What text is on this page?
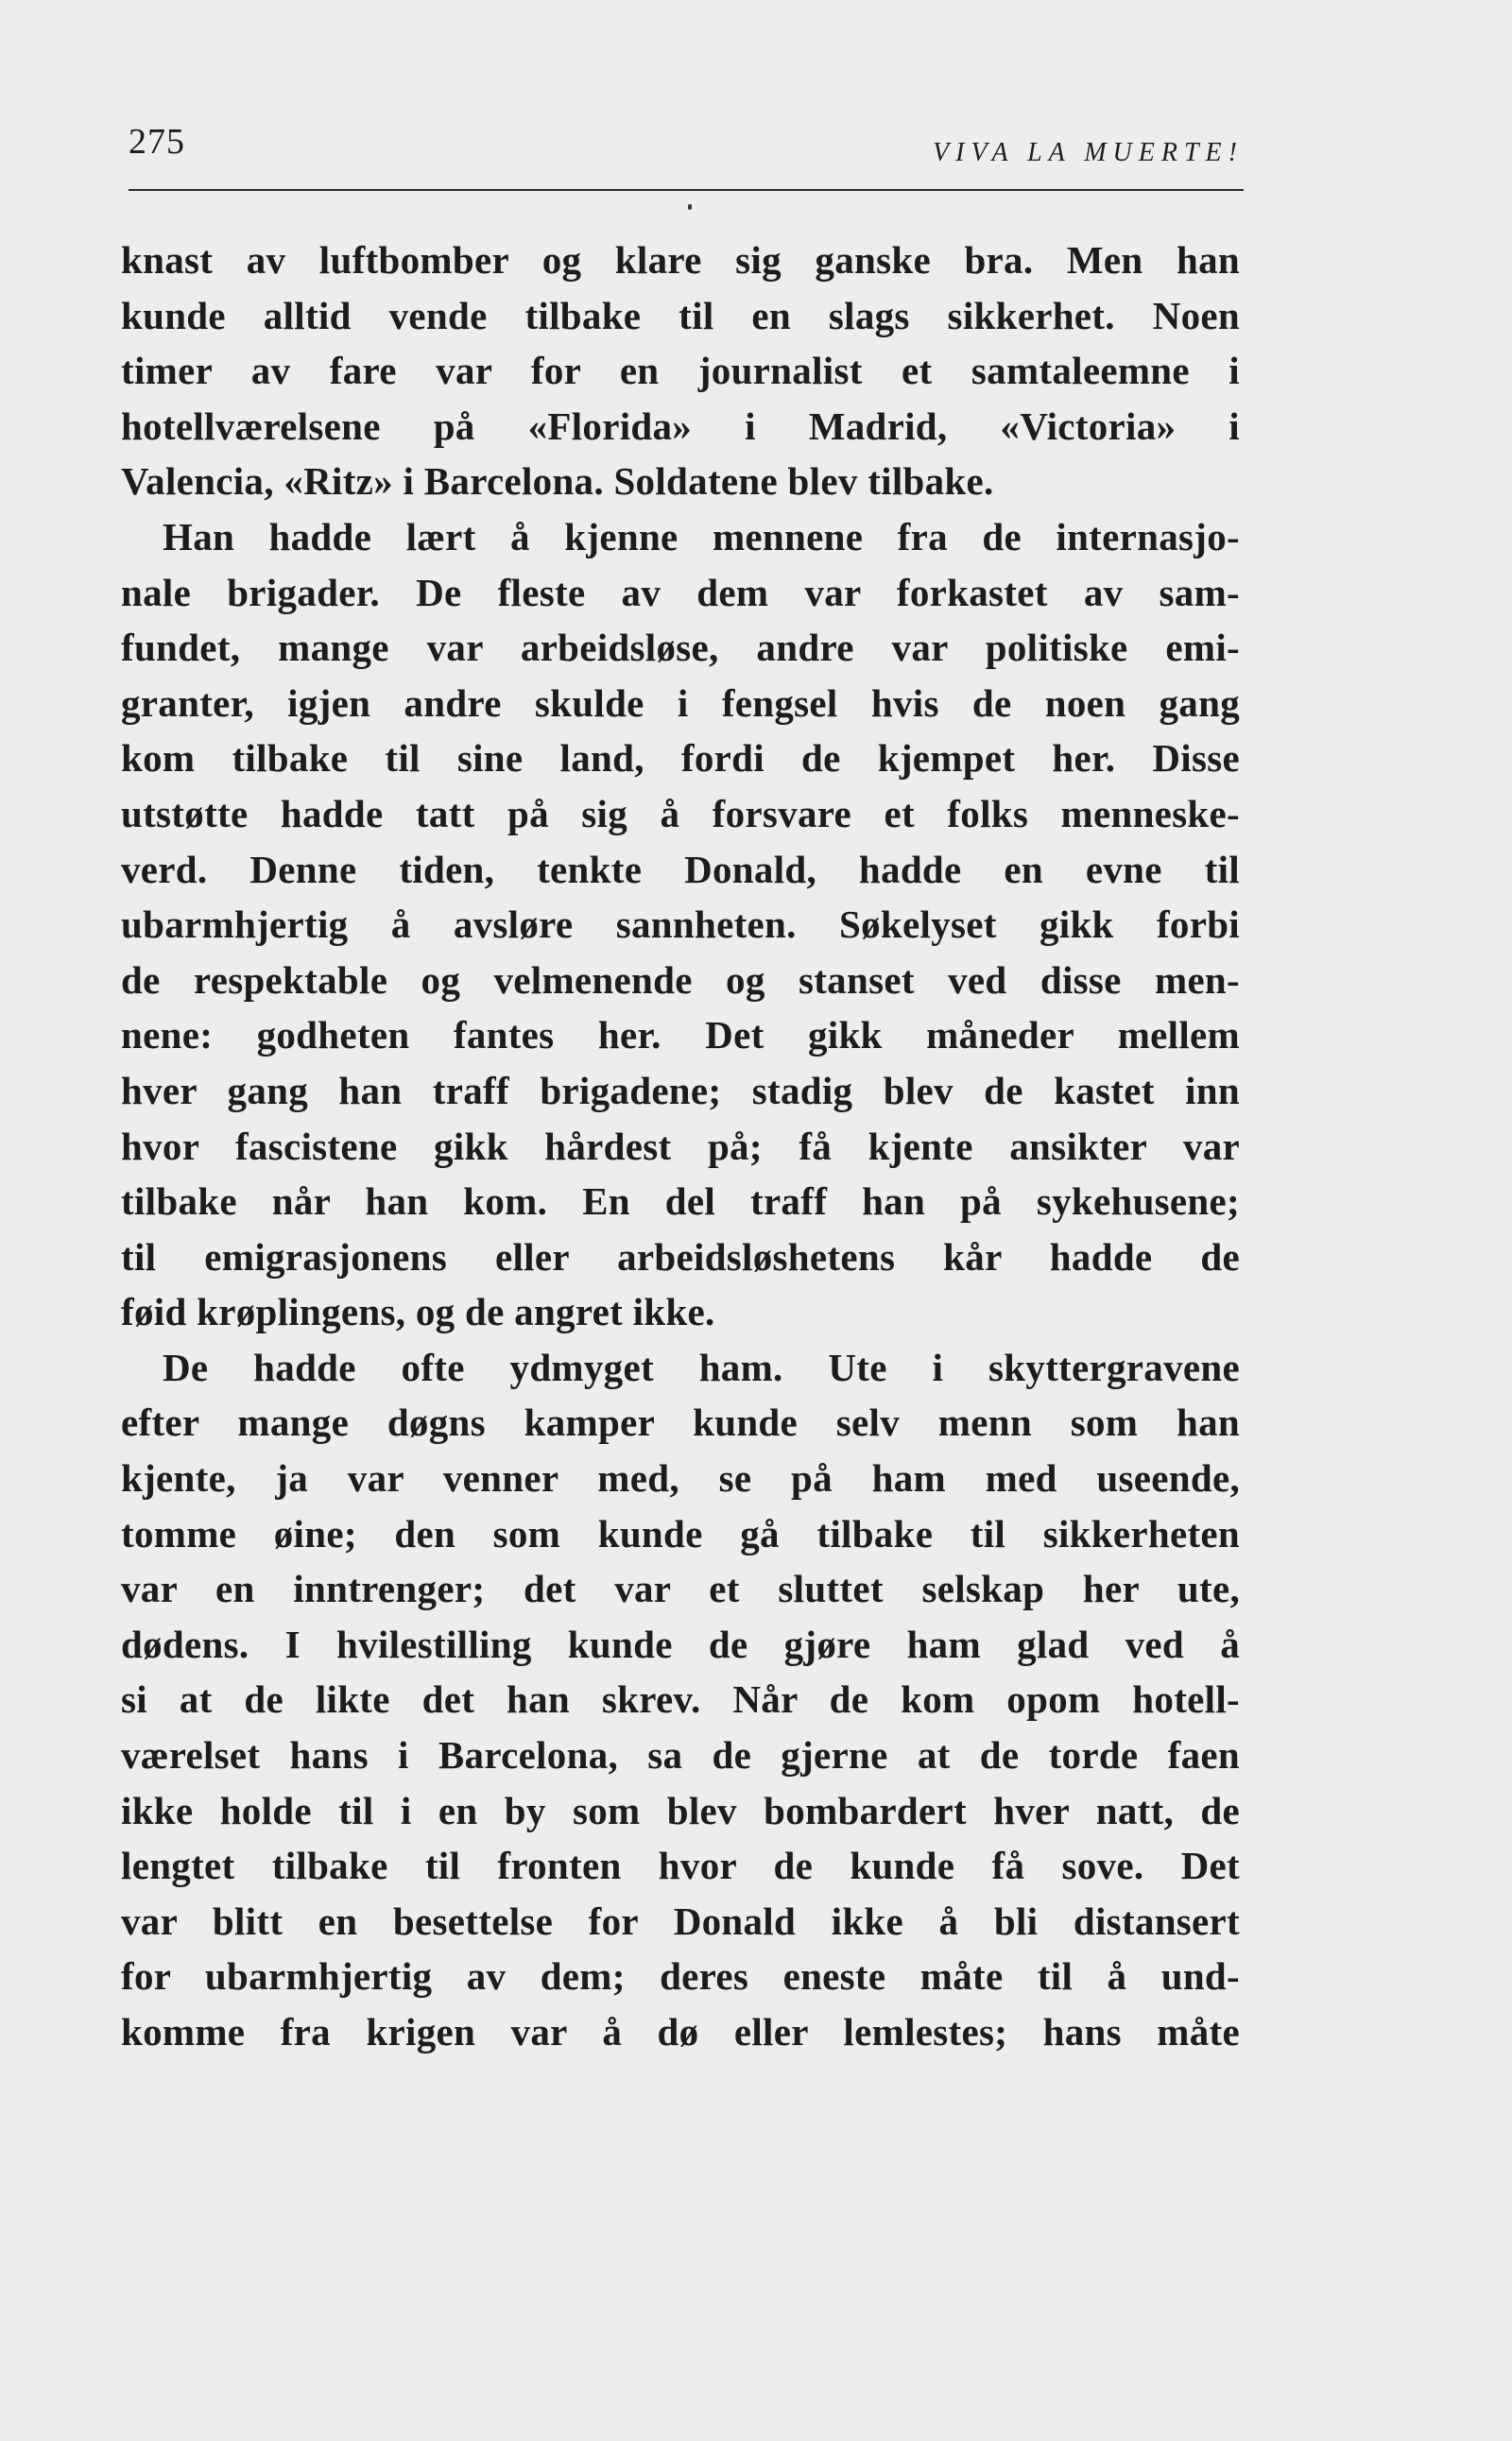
275	VIVA LA MUERTE!
knast av luftbomber og klare sig ganske bra. Men han
kunde alltid vende tilbake til en slags sikkerhet. Noen
timer av fare var for en journalist et samtaleemne i
hotellværelsene på «Florida» i Madrid, «Victoria» i
Valencia, «Ritz» i Barcelona. Soldatene blev tilbake.
Han hadde lært å kjenne mennene fra de internasjo-
nale brigader. De fleste av dem var forkastet av sam-
fundet, mange var arbeidsløse, andre var politiske emi-
granter, igjen andre skulde i fengsel hvis de noen gang
kom tilbake til sine land, fordi de kjempet her. Disse
utstøtte hadde tatt på sig å forsvare et folks menneske-
verd. Denne tiden, tenkte Donald, hadde en evne til
ubarmhjertig å avsløre sannheten. Søkelyset gikk forbi
de respektable og velmenende og stanset ved disse men-
nene: godheten fantes her. Det gikk måneder mellem
hver gang han traff brigadene; stadig blev de kastet inn
hvor fascistene gikk hårdest på; få kjente ansikter var
tilbake når han kom. En del traff han på sykehusene;
til emigrasjonens eller arbeidsløshetens kår hadde de
føid krøplingens, og de angret ikke.
De hadde ofte ydmyget ham. Ute i skyttergravene
efter mange døgns kamper kunde selv menn som han
kjente, ja var venner med, se på ham med useende,
tomme øine; den som kunde gå tilbake til sikkerheten
var en inntrenger; det var et sluttet selskap her ute,
dødens. I hvilestilling kunde de gjøre ham glad ved å
si at de likte det han skrev. Når de kom opom hotell-
værelset hans i Barcelona, sa de gjerne at de torde faen
ikke holde til i en by som blev bombardert hver natt, de
lengtet tilbake til fronten hvor de kunde få sove. Det
var blitt en besettelse for Donald ikke å bli distansert
for ubarmhjertig av dem; deres eneste måte til å und-
komme fra krigen var å dø eller lemlestes; hans måte
